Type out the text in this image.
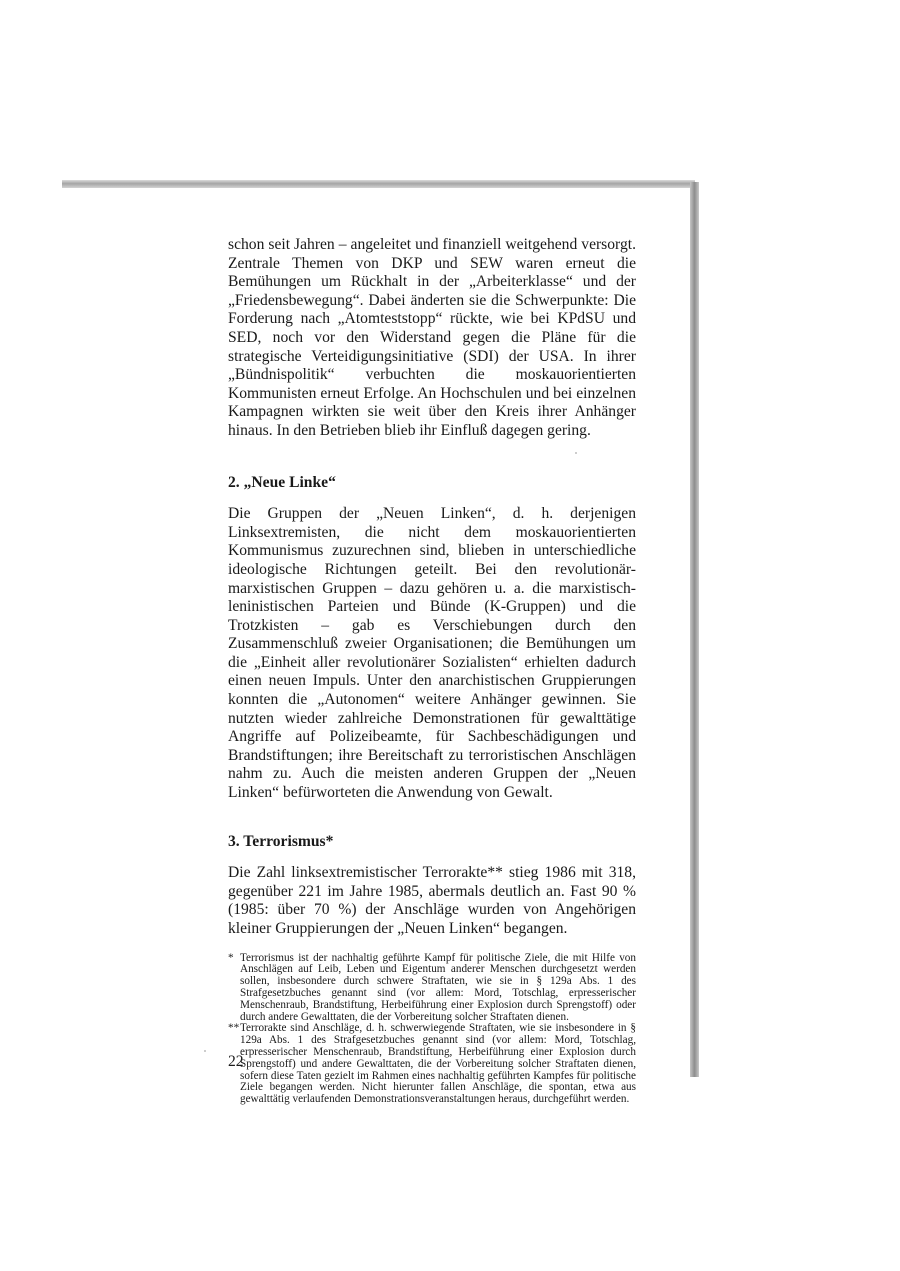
schon seit Jahren – angeleitet und finanziell weitgehend versorgt. Zentrale Themen von DKP und SEW waren erneut die Bemühungen um Rückhalt in der „Arbeiterklasse“ und der „Friedensbewegung“. Dabei änderten sie die Schwerpunkte: Die Forderung nach „Atomteststopp“ rückte, wie bei KPdSU und SED, noch vor den Widerstand gegen die Pläne für die strategische Verteidigungsinitiative (SDI) der USA. In ihrer „Bündnispolitik“ verbuchten die moskauorientierten Kommunisten erneut Erfolge. An Hochschulen und bei einzelnen Kampagnen wirkten sie weit über den Kreis ihrer Anhänger hinaus. In den Betrieben blieb ihr Einfluß dagegen gering.

2. „Neue Linke“

Die Gruppen der „Neuen Linken“, d. h. derjenigen Linksextremisten, die nicht dem moskauorientierten Kommunismus zuzurechnen sind, blieben in unterschiedliche ideologische Richtungen geteilt. Bei den revolutionär-marxistischen Gruppen – dazu gehören u. a. die marxistisch-leninistischen Parteien und Bünde (K-Gruppen) und die Trotzkisten – gab es Verschiebungen durch den Zusammenschluß zweier Organisationen; die Bemühungen um die „Einheit aller revolutionärer Sozialisten“ erhielten dadurch einen neuen Impuls. Unter den anarchistischen Gruppierungen konnten die „Autonomen“ weitere Anhänger gewinnen. Sie nutzten wieder zahlreiche Demonstrationen für gewalttätige Angriffe auf Polizeibeamte, für Sachbeschädigungen und Brandstiftungen; ihre Bereitschaft zu terroristischen Anschlägen nahm zu. Auch die meisten anderen Gruppen der „Neuen Linken“ befürworteten die Anwendung von Gewalt.

3. Terrorismus*

Die Zahl linksextremistischer Terrorakte** stieg 1986 mit 318, gegenüber 221 im Jahre 1985, abermals deutlich an. Fast 90 % (1985: über 70 %) der Anschläge wurden von Angehörigen kleiner Gruppierungen der „Neuen Linken“ begangen.

* Terrorismus ist der nachhaltig geführte Kampf für politische Ziele, die mit Hilfe von Anschlägen auf Leib, Leben und Eigentum anderer Menschen durchgesetzt werden sollen, insbesondere durch schwere Straftaten, wie sie in § 129a Abs. 1 des Strafgesetzbuches genannt sind (vor allem: Mord, Totschlag, erpresserischer Menschenraub, Brandstiftung, Herbeiführung einer Explosion durch Sprengstoff) oder durch andere Gewalttaten, die der Vorbereitung solcher Straftaten dienen.
** Terrorakte sind Anschläge, d. h. schwerwiegende Straftaten, wie sie insbesondere in § 129a Abs. 1 des Strafgesetzbuches genannt sind (vor allem: Mord, Totschlag, erpresserischer Menschenraub, Brandstiftung, Herbeiführung einer Explosion durch Sprengstoff) und andere Gewalttaten, die der Vorbereitung solcher Straftaten dienen, sofern diese Taten gezielt im Rahmen eines nachhaltig geführten Kampfes für politische Ziele begangen werden. Nicht hierunter fallen Anschläge, die spontan, etwa aus gewalttätig verlaufenden Demonstrationsveranstaltungen heraus, durchgeführt werden.
22
